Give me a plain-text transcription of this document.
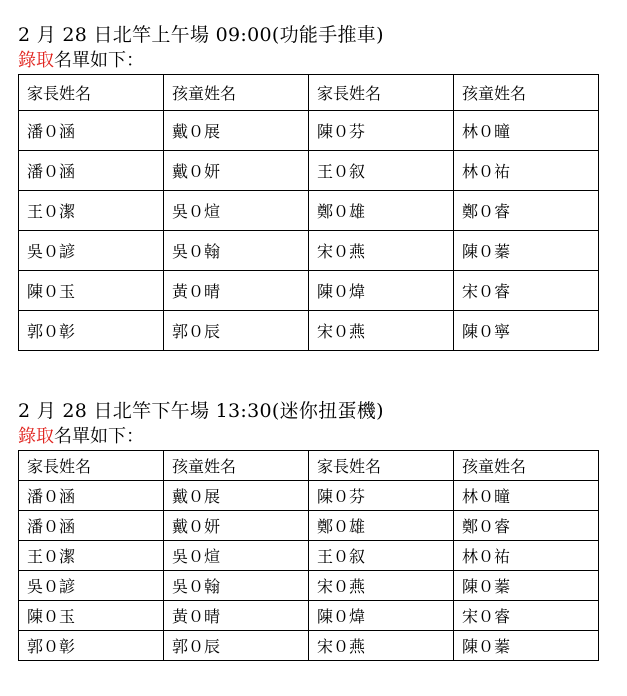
2 月 28 日北竿上午場 09:00(功能手推車)
錄取名單如下：
家長姓名	孩童姓名	家長姓名	孩童姓名
潘０涵	戴０展	陳０芬	林０曈
潘０涵	戴０妍	王０叙	林０祐
王０潔	吳０煊	鄭０雄	鄭０睿
吳０諺	吳０翰	宋０燕	陳０蓁
陳０玉	黃０晴	陳０煒	宋０睿
郭０彰	郭０辰	宋０燕	陳０寧
2 月 28 日北竿下午場 13:30(迷你扭蛋機)
錄取名單如下：
家長姓名	孩童姓名	家長姓名	孩童姓名
潘０涵	戴０展	陳０芬	林０曈
潘０涵	戴０妍	鄭０雄	鄭０睿
王０潔	吳０煊	王０叙	林０祐
吳０諺	吳０翰	宋０燕	陳０蓁
陳０玉	黃０晴	陳０煒	宋０睿
郭０彰	郭０辰	宋０燕	陳０蓁
